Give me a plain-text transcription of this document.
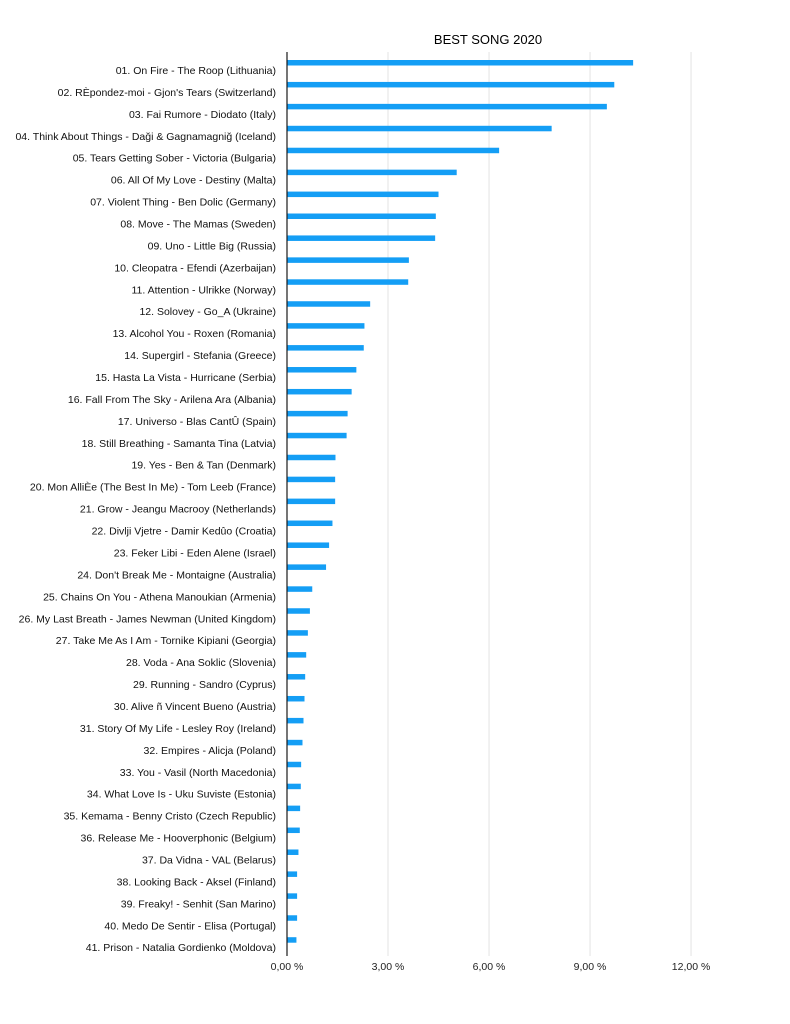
BEST SONG 2020
01. On Fire - The Roop (Lithuania)
02. RÈpondez-moi - Gjon's Tears (Switzerland)
03. Fai Rumore - Diodato (Italy)
04. Think About Things - Daği & Gagnamagniğ (Iceland)
05. Tears Getting Sober - Victoria (Bulgaria)
06. All Of My Love - Destiny (Malta)
07. Violent Thing - Ben Dolic (Germany)
08. Move - The Mamas (Sweden)
09. Uno - Little Big (Russia)
10. Cleopatra - Efendi (Azerbaijan)
11. Attention - Ulrikke (Norway)
12. Solovey - Go_A (Ukraine)
13. Alcohol You - Roxen (Romania)
14. Supergirl - Stefania (Greece)
15. Hasta La Vista - Hurricane (Serbia)
16. Fall From The Sky - Arilena Ara (Albania)
17. Universo - Blas CantÛ (Spain)
18. Still Breathing - Samanta Tina (Latvia)
19. Yes - Ben & Tan (Denmark)
20. Mon AlliÈe (The Best In Me) - Tom Leeb (France)
21. Grow - Jeangu Macrooy (Netherlands)
22. Divlji Vjetre - Damir Kedûo (Croatia)
23. Feker Libi - Eden Alene (Israel)
24. Don't Break Me - Montaigne (Australia)
25. Chains On You - Athena Manoukian (Armenia)
26. My Last Breath - James Newman (United Kingdom)
27. Take Me As I Am - Tornike Kipiani (Georgia)
28. Voda - Ana Soklic (Slovenia)
29. Running - Sandro (Cyprus)
30. Alive ñ Vincent Bueno (Austria)
31. Story Of My Life - Lesley Roy (Ireland)
32. Empires - Alicja (Poland)
33. You - Vasil (North Macedonia)
34. What Love Is - Uku Suviste (Estonia)
35. Kemama - Benny Cristo (Czech Republic)
36. Release Me - Hooverphonic (Belgium)
37. Da Vidna - VAL (Belarus)
38. Looking Back - Aksel (Finland)
39. Freaky! - Senhit (San Marino)
40. Medo De Sentir - Elisa (Portugal)
41. Prison - Natalia Gordienko (Moldova)
0,00 %	3,00 %	6,00 %	9,00 %	12,00 %
